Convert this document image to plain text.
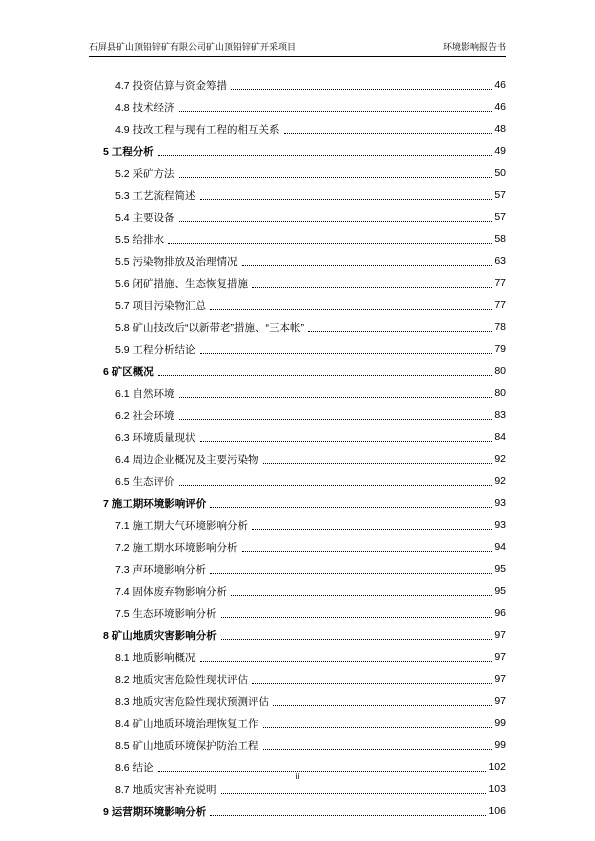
石屏县矿山顶铅锌矿有限公司矿山顶铅锌矿开采项目	环境影响报告书
4.7 投资估算与资金筹措	46
4.8 技术经济	46
4.9 技改工程与现有工程的相互关系	48
5 工程分析	49
5.2 采矿方法	50
5.3 工艺流程简述	57
5.4 主要设备	57
5.5 给排水	58
5.5 污染物排放及治理情况	63
5.6 闭矿措施、生态恢复措施	77
5.7 项目污染物汇总	77
5.8 矿山技改后“以新带老”措施、“三本帐”	78
5.9 工程分析结论	79
6 矿区概况	80
6.1 自然环境	80
6.2 社会环境	83
6.3 环境质量现状	84
6.4 周边企业概况及主要污染物	92
6.5 生态评价	92
7 施工期环境影响评价	93
7.1 施工期大气环境影响分析	93
7.2 施工期水环境影响分析	94
7.3 声环境影响分析	95
7.4 固体废弃物影响分析	95
7.5 生态环境影响分析	96
8 矿山地质灾害影响分析	97
8.1 地质影响概况	97
8.2 地质灾害危险性现状评估	97
8.3 地质灾害危险性现状预测评估	97
8.4 矿山地质环境治理恢复工作	99
8.5 矿山地质环境保护防治工程	99
8.6 结论	102
8.7 地质灾害补充说明	103
9 运营期环境影响分析	106
ii
